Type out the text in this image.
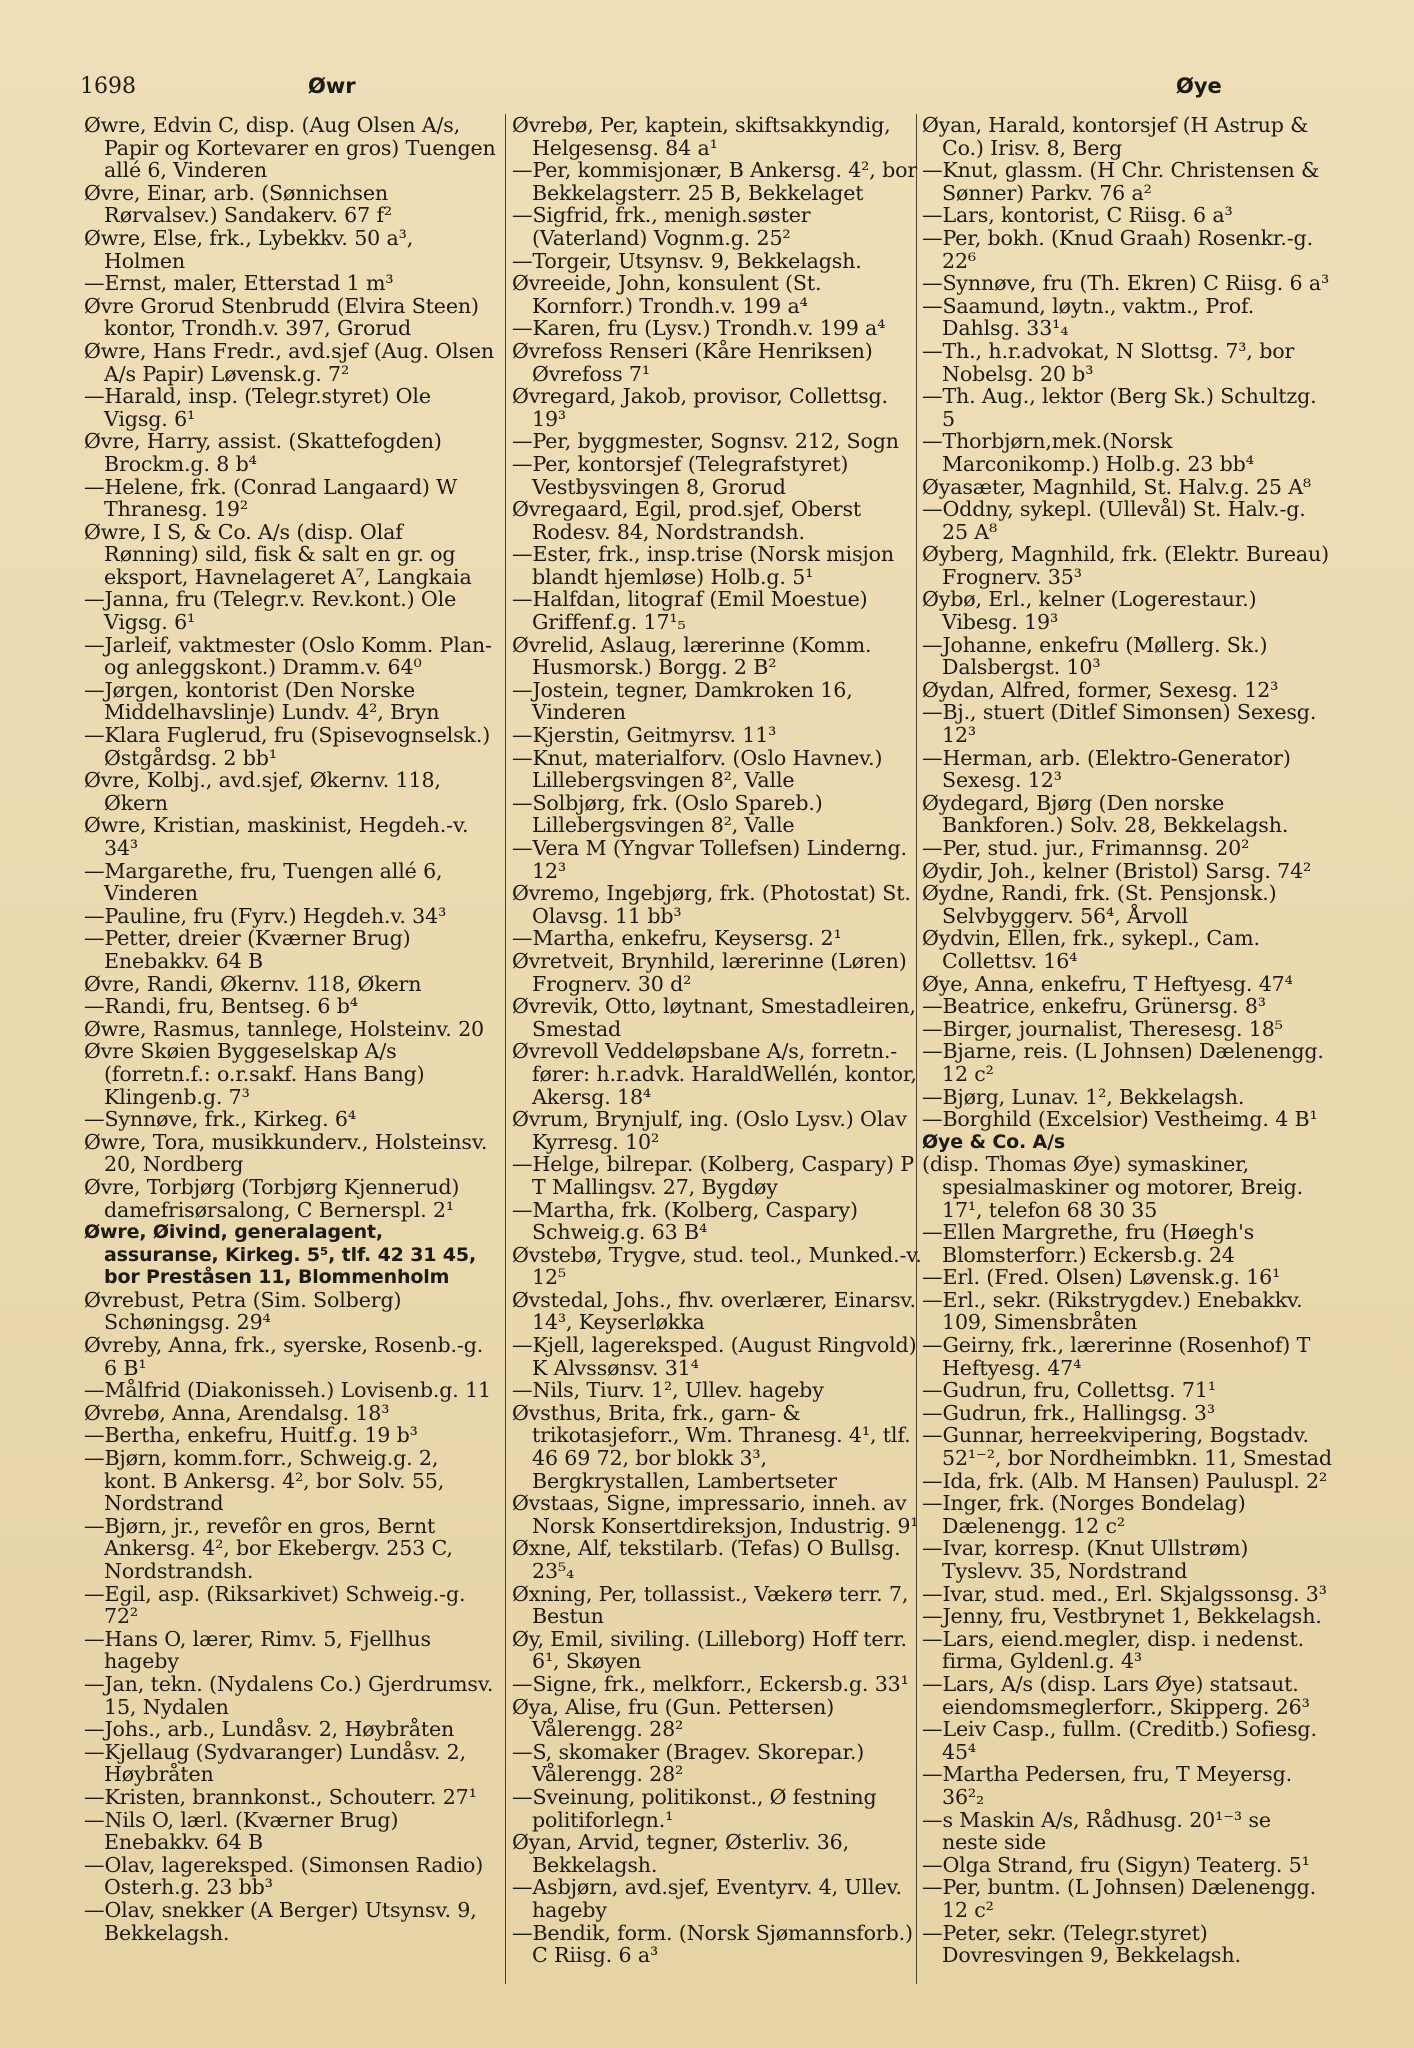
1698	Øwr	Øye
Øwre, Edvin C, disp. (Aug Olsen A/s, Papir og Kortevarer en gros) Tuengen allé 6, Vinderen
Øvre, Einar, arb. (Sønnichsen Rørvalsev.) Sandakerv. 67 f²
Øwre, Else, frk., Lybekkv. 50 a³, Holmen
—Ernst, maler, Etterstad 1 m³
Øvre Grorud Stenbrudd (Elvira Steen) kontor, Trondh.v. 397, Grorud
Øwre, Hans Fredr., avd.sjef (Aug. Olsen A/s Papir) Løvensk.g. 7²
—Harald, insp. (Telegr.styret) Ole Vigsg. 6¹
Øvre, Harry, assist. (Skattefogden) Brockm.g. 8 b⁴
—Helene, frk. (Conrad Langaard) W Thranesg. 19²
Øwre, I S, & Co. A/s (disp. Olaf Rønning) sild, fisk & salt en gr. og eksport, Havnelageret A⁷, Langkaia
—Janna, fru (Telegr.v. Rev.kont.) Ole Vigsg. 6¹
—Jarleif, vaktmester (Oslo Komm. Plan- og anleggskont.) Dramm.v. 64⁰
—Jørgen, kontorist (Den Norske Middelhavslinje) Lundv. 4², Bryn
—Klara Fuglerud, fru (Spisevognselsk.) Østgårdsg. 2 bb¹
Øvre, Kolbj., avd.sjef, Økernv. 118, Økern
Øwre, Kristian, maskinist, Hegdeh.-v. 34³
—Margarethe, fru, Tuengen allé 6, Vinderen
—Pauline, fru (Fyrv.) Hegdeh.v. 34³
—Petter, dreier (Kværner Brug) Enebakkv. 64 B
Øvre, Randi, Økernv. 118, Økern
—Randi, fru, Bentseg. 6 b⁴
Øwre, Rasmus, tannlege, Holsteinv. 20
Øvre Skøien Byggeselskap A/s (forretn.f.: o.r.sakf. Hans Bang) Klingenb.g. 7³
—Synnøve, frk., Kirkeg. 6⁴
Øwre, Tora, musikkunderv., Holsteinsv. 20, Nordberg
Øvre, Torbjørg (Torbjørg Kjennerud) damefrisørsalong, C Bernerspl. 2¹
Øwre, Øivind, generalagent, assuranse, Kirkeg. 5⁵, tlf. 42 31 45, bor Preståsen 11, Blommenholm
Øvrebust, Petra (Sim. Solberg) Schøningsg. 29⁴
Øvreby, Anna, frk., syerske, Rosenb.-g. 6 B¹
—Målfrid (Diakonisseh.) Lovisenb.g. 11
Øvrebø, Anna, Arendalsg. 18³
—Bertha, enkefru, Huitf.g. 19 b³
—Bjørn, komm.forr., Schweig.g. 2, kont. B Ankersg. 4², bor Solv. 55, Nordstrand
—Bjørn, jr., revefôr en gros, Bernt Ankersg. 4², bor Ekebergv. 253 C, Nordstrandsh.
—Egil, asp. (Riksarkivet) Schweig.-g. 72²
—Hans O, lærer, Rimv. 5, Fjellhus hageby
—Jan, tekn. (Nydalens Co.) Gjerdrumsv. 15, Nydalen
—Johs., arb., Lundåsv. 2, Høybråten
—Kjellaug (Sydvaranger) Lundåsv. 2, Høybråten
—Kristen, brannkonst., Schouterr. 27¹
—Nils O, lærl. (Kværner Brug) Enebakkv. 64 B
—Olav, lagereksped. (Simonsen Radio) Osterh.g. 23 bb³
—Olav, snekker (A Berger) Utsynsv. 9, Bekkelagsh.
Øvrebø, Per, kaptein, skiftsakkyndig, Helgesensg. 84 a¹
—Per, kommisjonær, B Ankersg. 4², bor Bekkelagsterr. 25 B, Bekkelaget
—Sigfrid, frk., menigh.søster (Vaterland) Vognm.g. 25²
—Torgeir, Utsynsv. 9, Bekkelagsh.
Øvreeide, John, konsulent (St. Kornforr.) Trondh.v. 199 a⁴
—Karen, fru (Lysv.) Trondh.v. 199 a⁴
Øvrefoss Renseri (Kåre Henriksen) Øvrefoss 7¹
Øvregard, Jakob, provisor, Collettsg. 19³
—Per, byggmester, Sognsv. 212, Sogn
—Per, kontorsjef (Telegrafstyret) Vestbysvingen 8, Grorud
Øvregaard, Egil, prod.sjef, Oberst Rodesv. 84, Nordstrandsh.
—Ester, frk., insp.trise (Norsk misjon blandt hjemløse) Holb.g. 5¹
—Halfdan, litograf (Emil Moestue) Griffenf.g. 17¹₅
Øvrelid, Aslaug, lærerinne (Komm. Husmorsk.) Borgg. 2 B²
—Jostein, tegner, Damkroken 16, Vinderen
—Kjerstin, Geitmyrsv. 11³
—Knut, materialforv. (Oslo Havnev.) Lillebergsvingen 8², Valle
—Solbjørg, frk. (Oslo Spareb.) Lillebergsvingen 8², Valle
—Vera M (Yngvar Tollefsen) Linderng. 12³
Øvremo, Ingebjørg, frk. (Photostat) St. Olavsg. 11 bb³
—Martha, enkefru, Keysersg. 2¹
Øvretveit, Brynhild, lærerinne (Løren) Frognerv. 30 d²
Øvrevik, Otto, løytnant, Smestadleiren, Smestad
Øvrevoll Veddeløpsbane A/s, forretn.-fører: h.r.advk. HaraldWellén, kontor, Akersg. 18⁴
Øvrum, Brynjulf, ing. (Oslo Lysv.) Olav Kyrresg. 10²
—Helge, bilrepar. (Kolberg, Caspary) P T Mallingsv. 27, Bygdøy
—Martha, frk. (Kolberg, Caspary) Schweig.g. 63 B⁴
Øvstebø, Trygve, stud. teol., Munked.-v. 12⁵
Øvstedal, Johs., fhv. overlærer, Einarsv. 14³, Keyserløkka
—Kjell, lagereksped. (August Ringvold) K Alvssønsv. 31⁴
—Nils, Tiurv. 1², Ullev. hageby
Øvsthus, Brita, frk., garn- & trikotasjeforr., Wm. Thranesg. 4¹, tlf. 46 69 72, bor blokk 3³, Bergkrystallen, Lambertseter
Øvstaas, Signe, impressario, inneh. av Norsk Konsertdireksjon, Industrig. 9¹
Øxne, Alf, tekstilarb. (Tefas) O Bullsg. 23⁵₄
Øxning, Per, tollassist., Vækerø terr. 7, Bestun
Øy, Emil, siviling. (Lilleborg) Hoff terr. 6¹, Skøyen
—Signe, frk., melkforr., Eckersb.g. 33¹
Øya, Alise, fru (Gun. Pettersen) Vålerengg. 28²
—S, skomaker (Bragev. Skorepar.) Vålerengg. 28²
—Sveinung, politikonst., Ø festning politiforlegn.¹
Øyan, Arvid, tegner, Østerliv. 36, Bekkelagsh.
—Asbjørn, avd.sjef, Eventyrv. 4, Ullev. hageby
—Bendik, form. (Norsk Sjømannsforb.) C Riisg. 6 a³
Øyan, Harald, kontorsjef (H Astrup & Co.) Irisv. 8, Berg
—Knut, glassm. (H Chr. Christensen & Sønner) Parkv. 76 a²
—Lars, kontorist, C Riisg. 6 a³
—Per, bokh. (Knud Graah) Rosenkr.-g. 22⁶
—Synnøve, fru (Th. Ekren) C Riisg. 6 a³
—Saamund, løytn., vaktm., Prof. Dahlsg. 33¹₄
—Th., h.r.advokat, N Slottsg. 7³, bor Nobelsg. 20 b³
—Th. Aug., lektor (Berg Sk.) Schultzg. 5
—Thorbjørn,mek.(Norsk Marconikomp.) Holb.g. 23 bb⁴
Øyasæter, Magnhild, St. Halv.g. 25 A⁸
—Oddny, sykepl. (Ullevål) St. Halv.-g. 25 A⁸
Øyberg, Magnhild, frk. (Elektr. Bureau) Frognerv. 35³
Øybø, Erl., kelner (Logerestaur.) Vibesg. 19³
—Johanne, enkefru (Møllerg. Sk.) Dalsbergst. 10³
Øydan, Alfred, former, Sexesg. 12³
—Bj., stuert (Ditlef Simonsen) Sexesg. 12³
—Herman, arb. (Elektro-Generator) Sexesg. 12³
Øydegard, Bjørg (Den norske Bankforen.) Solv. 28, Bekkelagsh.
—Per, stud. jur., Frimannsg. 20²
Øydir, Joh., kelner (Bristol) Sarsg. 74²
Øydne, Randi, frk. (St. Pensjonsk.) Selvbyggerv. 56⁴, Årvoll
Øydvin, Ellen, frk., sykepl., Cam. Collettsv. 16⁴
Øye, Anna, enkefru, T Heftyesg. 47⁴
—Beatrice, enkefru, Grünersg. 8³
—Birger, journalist, Theresesg. 18⁵
—Bjarne, reis. (L Johnsen) Dælenengg. 12 c²
—Bjørg, Lunav. 1², Bekkelagsh.
—Borghild (Excelsior) Vestheimg. 4 B¹
Øye & Co. A/s
(disp. Thomas Øye) symaskiner, spesialmaskiner og motorer, Breig. 17¹, telefon 68 30 35
—Ellen Margrethe, fru (Høegh's Blomsterforr.) Eckersb.g. 24
—Erl. (Fred. Olsen) Løvensk.g. 16¹
—Erl., sekr. (Rikstrygdev.) Enebakkv. 109, Simensbråten
—Geirny, frk., lærerinne (Rosenhof) T Heftyesg. 47⁴
—Gudrun, fru, Collettsg. 71¹
—Gudrun, frk., Hallingsg. 3³
—Gunnar, herreekvipering, Bogstadv. 52¹⁻², bor Nordheimbkn. 11, Smestad
—Ida, frk. (Alb. M Hansen) Pauluspl. 2²
—Inger, frk. (Norges Bondelag) Dælenengg. 12 c²
—Ivar, korresp. (Knut Ullstrøm) Tyslevv. 35, Nordstrand
—Ivar, stud. med., Erl. Skjalgssonsg. 3³
—Jenny, fru, Vestbrynet 1, Bekkelagsh.
—Lars, eiend.megler, disp. i nedenst. firma, Gyldenl.g. 4³
—Lars, A/s (disp. Lars Øye) statsaut. eiendomsmeglerforr., Skipperg. 26³
—Leiv Casp., fullm. (Creditb.) Sofiesg. 45⁴
—Martha Pedersen, fru, T Meyersg. 36²₂
—s Maskin A/s, Rådhusg. 20¹⁻³ se neste side
—Olga Strand, fru (Sigyn) Teaterg. 5¹
—Per, buntm. (L Johnsen) Dælenengg. 12 c²
—Peter, sekr. (Telegr.styret) Dovresvingen 9, Bekkelagsh.
